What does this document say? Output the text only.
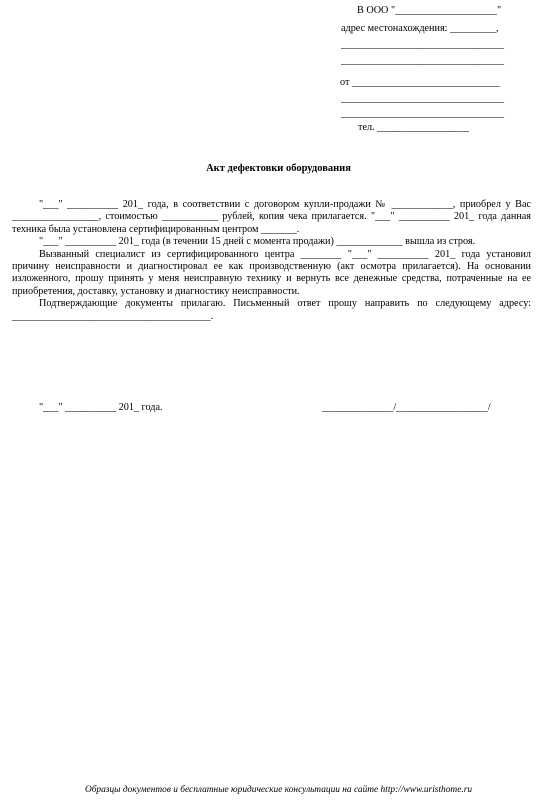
В ООО "____________________"
адрес местонахождения: _________,
________________________________
________________________________
от _____________________________
________________________________
________________________________
тел. __________________
Акт дефектовки оборудования

"___" __________ 201_ года, в соответствии с договором купли-продажи № ____________, приобрел у Вас _________________, стоимостью ___________ рублей, копия чека прилагается. "___" __________ 201_ года данная техника была установлена сертифицированным центром _______.

"___" __________ 201_ года (в течении 15 дней с момента продажи) _____________ вышла из строя.

Вызванный специалист из сертифицированного центра ________ "___" __________ 201_ года установил причину неисправности и диагностировал ее как производственную (акт осмотра прилагается). На основании изложенного, прошу принять у меня неисправную технику и вернуть все денежные средства, потраченные на ее приобретения, доставку, установку и диагностику неисправности.

Подтверждающие документы прилагаю. Письменный ответ прошу направить по следующему адресу: _______________________________________.

"___" __________ 201_ года.	______________/__________________/
Образцы документов и бесплатные юридические консультации на сайте http://www.uristhome.ru
